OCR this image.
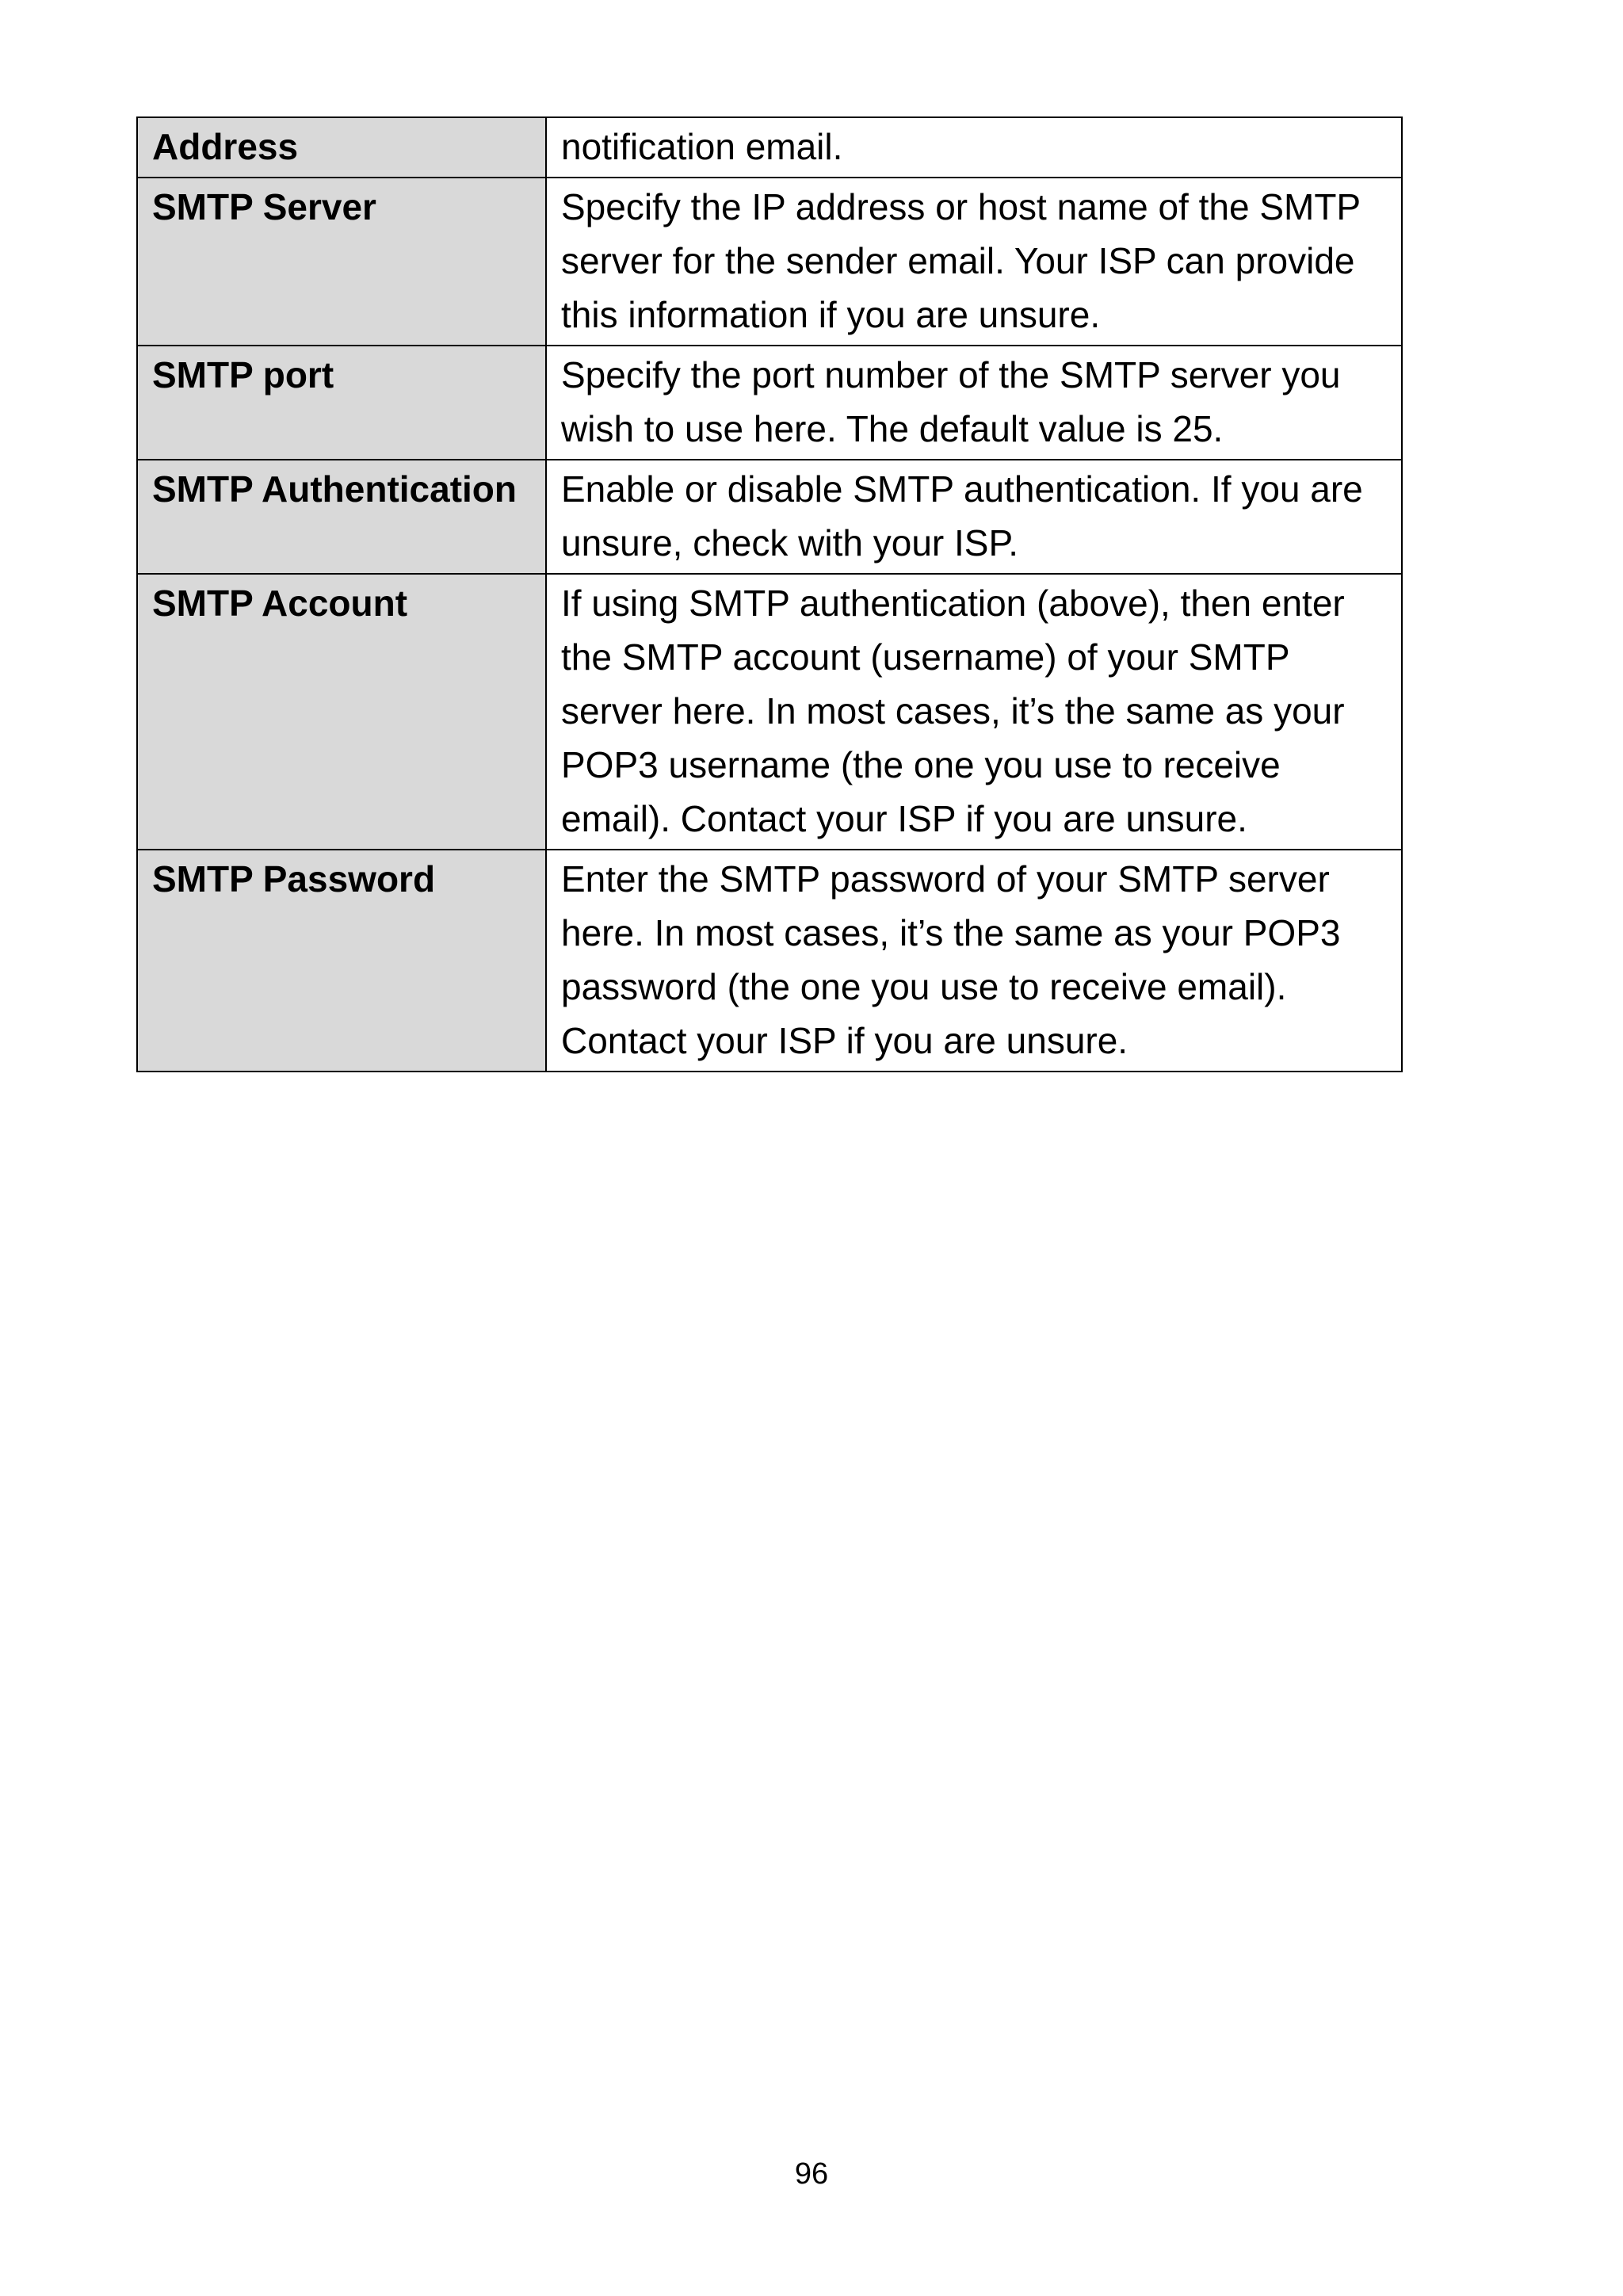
Address	notification email.
SMTP Server	Specify the IP address or host name of the SMTP server for the sender email. Your ISP can provide this information if you are unsure.
SMTP port	Specify the port number of the SMTP server you wish to use here. The default value is 25.
SMTP Authentication	Enable or disable SMTP authentication. If you are unsure, check with your ISP.
SMTP Account	If using SMTP authentication (above), then enter the SMTP account (username) of your SMTP server here. In most cases, it’s the same as your POP3 username (the one you use to receive email). Contact your ISP if you are unsure.
SMTP Password	Enter the SMTP password of your SMTP server here. In most cases, it’s the same as your POP3 password (the one you use to receive email). Contact your ISP if you are unsure.
96
